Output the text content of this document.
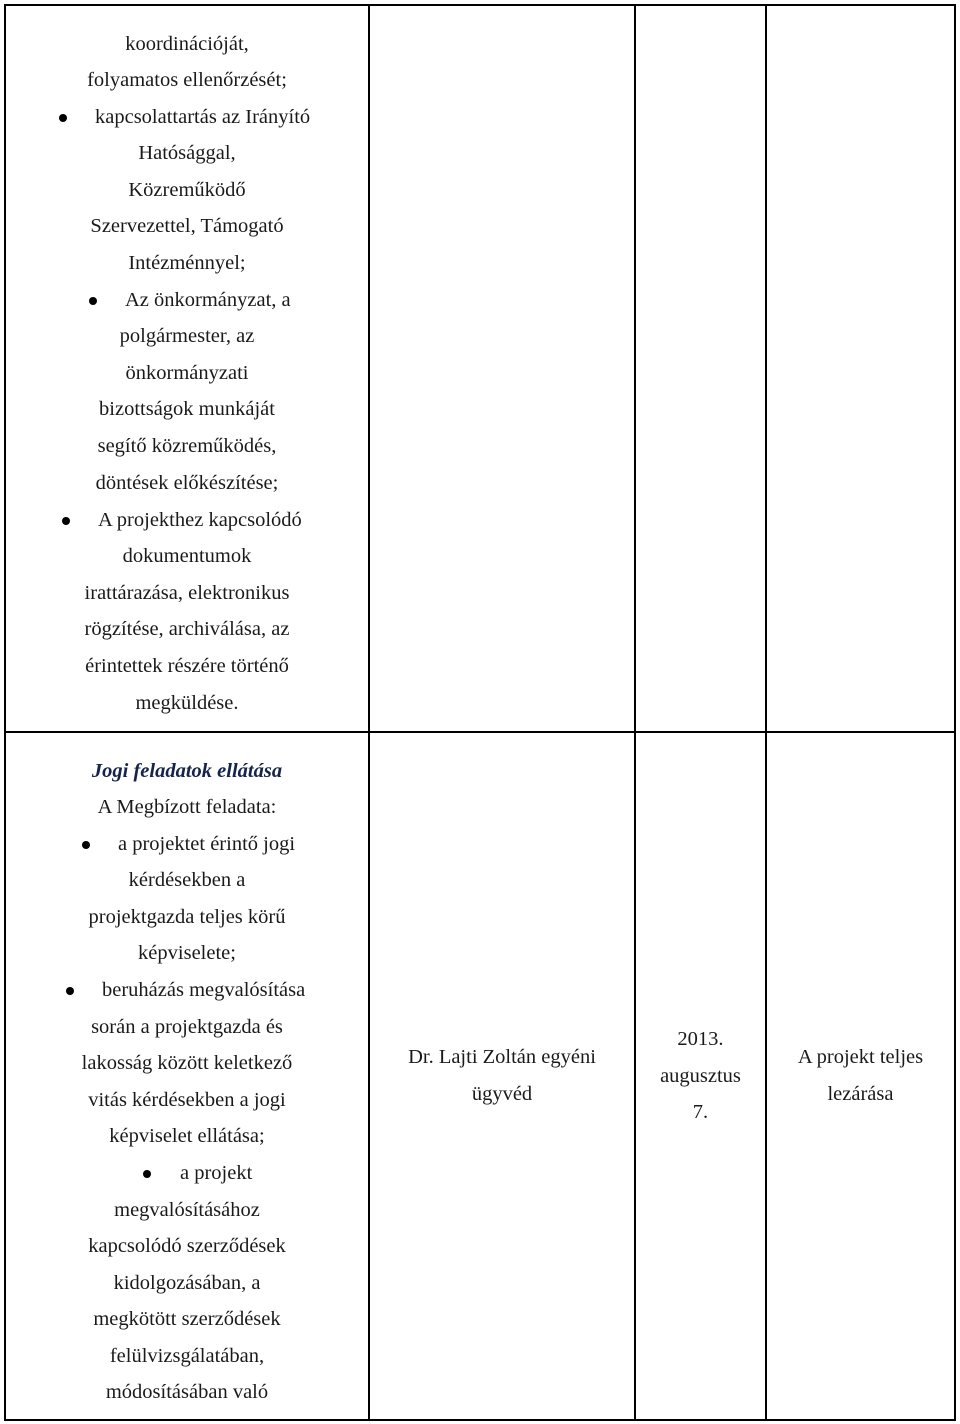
koordinációját,
folyamatos ellenőrzését;
kapcsolattartás az Irányító
Hatósággal,
Közreműködő
Szervezettel, Támogató
Intézménnyel;
Az önkormányzat, a
polgármester, az
önkormányzati
bizottságok munkáját
segítő közreműködés,
döntések előkészítése;
A projekthez kapcsolódó
dokumentumok
irattárazása, elektronikus
rögzítése, archiválása, az
érintettek részére történő
megküldése.
Jogi feladatok ellátása
A Megbízott feladata:
a projektet érintő jogi
kérdésekben a
projektgazda teljes körű
képviselete;
beruházás megvalósítása
során a projektgazda és
lakosság között keletkező
vitás kérdésekben a jogi
képviselet ellátása;
a projekt
megvalósításához
kapcsolódó szerződések
kidolgozásában, a
megkötött szerződések
felülvizsgálatában,
módosításában való
Dr. Lajti Zoltán egyéni
ügyvéd
2013.
augusztus
7.
A projekt teljes
lezárása
